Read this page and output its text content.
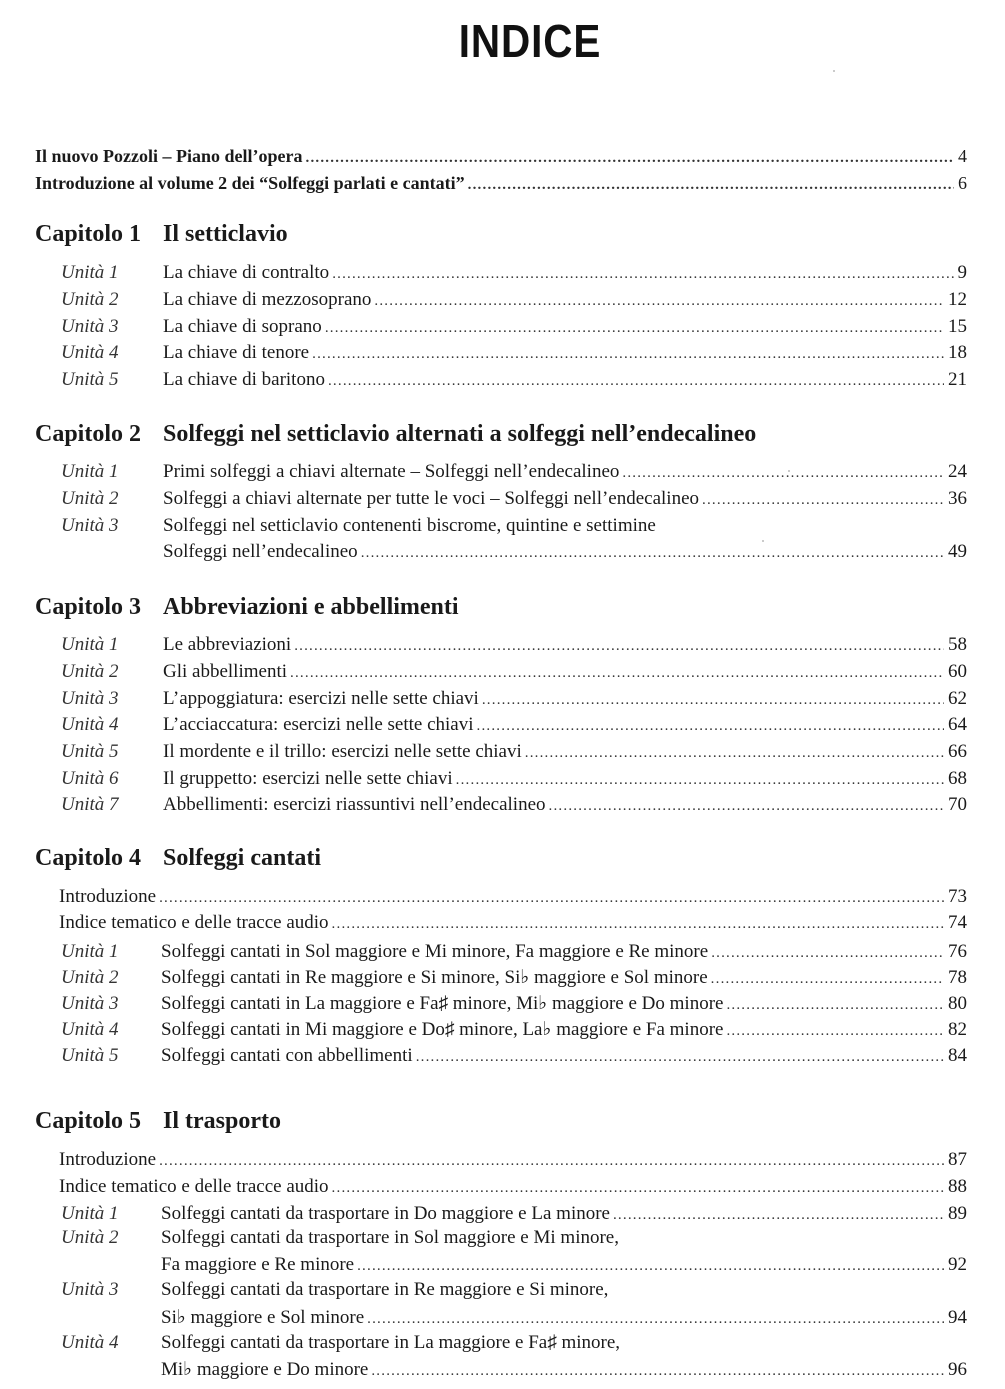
INDICE
Il nuovo Pozzoli – Piano dell’opera .....	4
Introduzione al volume 2 dei “Solfeggi parlati e cantati” .....	6
Capitolo 1 Il setticlavio
Unità 1 La chiave di contralto .....	9
Unità 2 La chiave di mezzosoprano .....	12
Unità 3 La chiave di soprano .....	15
Unità 4 La chiave di tenore .....	18
Unità 5 La chiave di baritono .....	21
Capitolo 2 Solfeggi nel setticlavio alternati a solfeggi nell’endecalineo
Unità 1 Primi solfeggi a chiavi alternate – Solfeggi nell’endecalineo .....	24
Unità 2 Solfeggi a chiavi alternate per tutte le voci – Solfeggi nell’endecalineo .....	36
Unità 3 Solfeggi nel setticlavio contenenti biscrome, quintine e settimine
Solfeggi nell’endecalineo .....	49
Capitolo 3 Abbreviazioni e abbellimenti
Unità 1 Le abbreviazioni .....	58
Unità 2 Gli abbellimenti .....	60
Unità 3 L’appoggiatura: esercizi nelle sette chiavi .....	62
Unità 4 L’acciaccatura: esercizi nelle sette chiavi .....	64
Unità 5 Il mordente e il trillo: esercizi nelle sette chiavi .....	66
Unità 6 Il gruppetto: esercizi nelle sette chiavi .....	68
Unità 7 Abbellimenti: esercizi riassuntivi nell’endecalineo .....	70
Capitolo 4 Solfeggi cantati
Introduzione .....	73
Indice tematico e delle tracce audio .....	74
Unità 1 Solfeggi cantati in Sol maggiore e Mi minore, Fa maggiore e Re minore .....	76
Unità 2 Solfeggi cantati in Re maggiore e Si minore, Si♭ maggiore e Sol minore .....	78
Unità 3 Solfeggi cantati in La maggiore e Fa♯ minore, Mi♭ maggiore e Do minore .....	80
Unità 4 Solfeggi cantati in Mi maggiore e Do♯ minore, La♭ maggiore e Fa minore .....	82
Unità 5 Solfeggi cantati con abbellimenti .....	84
Capitolo 5 Il trasporto
Introduzione .....	87
Indice tematico e delle tracce audio .....	88
Unità 1 Solfeggi cantati da trasportare in Do maggiore e La minore .....	89
Unità 2 Solfeggi cantati da trasportare in Sol maggiore e Mi minore,
Fa maggiore e Re minore .....	92
Unità 3 Solfeggi cantati da trasportare in Re maggiore e Si minore,
Si♭ maggiore e Sol minore .....	94
Unità 4 Solfeggi cantati da trasportare in La maggiore e Fa♯ minore,
Mi♭ maggiore e Do minore .....	96
